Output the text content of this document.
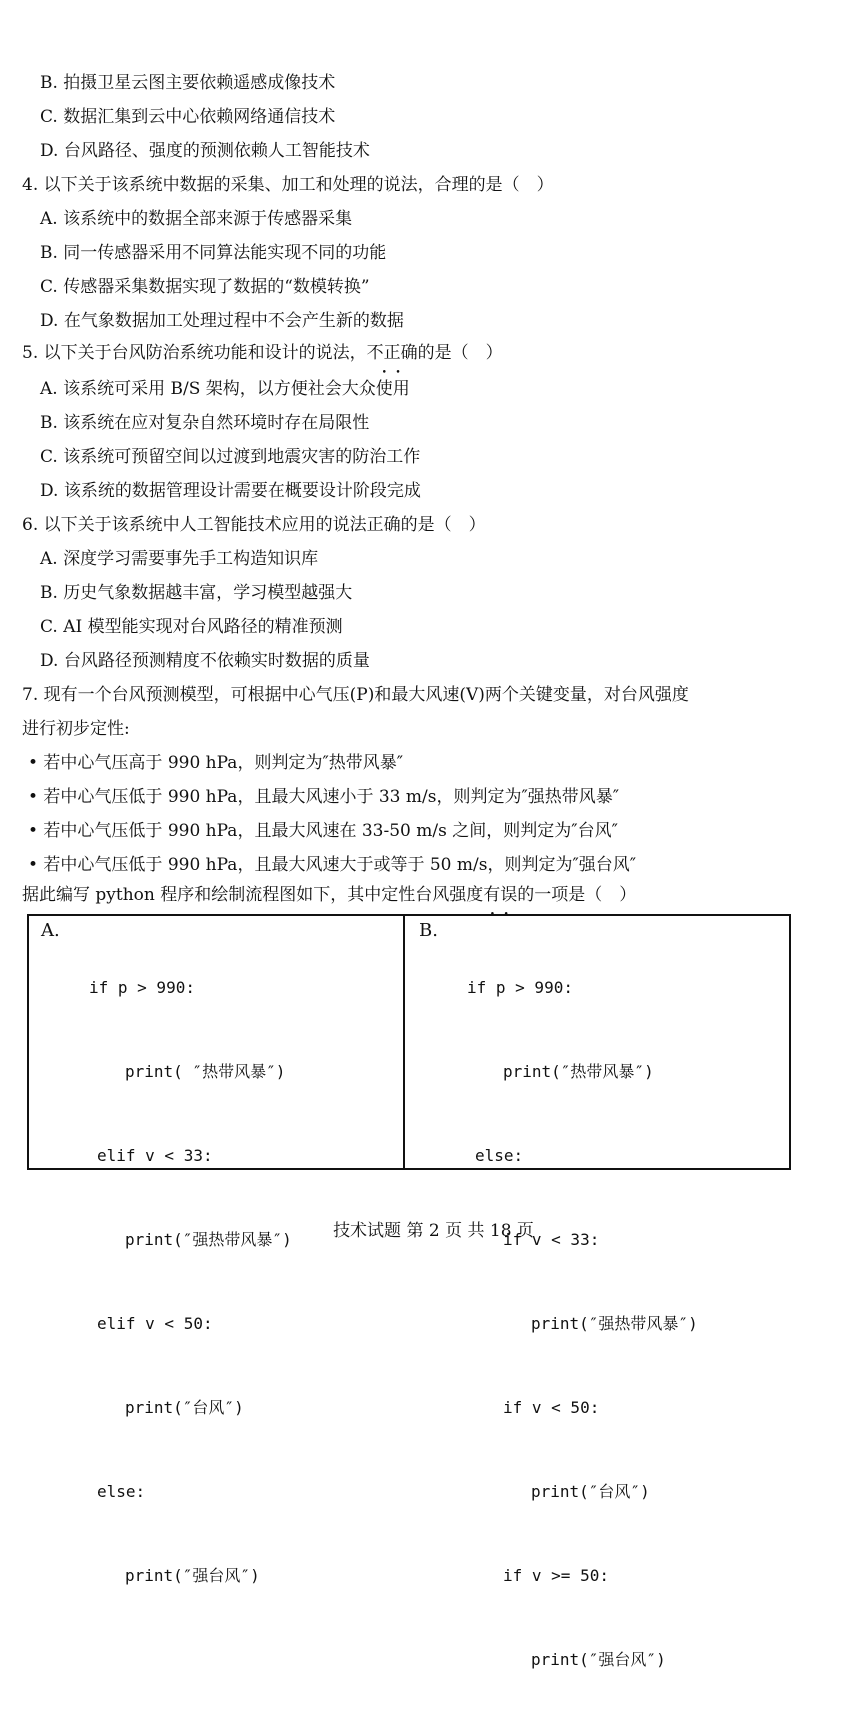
B. 拍摄卫星云图主要依赖遥感成像技术
C. 数据汇集到云中心依赖网络通信技术
D. 台风路径、强度的预测依赖人工智能技术
4. 以下关于该系统中数据的采集、加工和处理的说法，合理的是（　）
A. 该系统中的数据全部来源于传感器采集
B. 同一传感器采用不同算法能实现不同的功能
C. 传感器采集数据实现了数据的“数模转换”
D. 在气象数据加工处理过程中不会产生新的数据
5. 以下关于台风防治系统功能和设计的说法，不正确 • •的是（　）
A. 该系统可采用 B/S 架构，以方便社会大众使用
B. 该系统在应对复杂自然环境时存在局限性
C. 该系统可预留空间以过渡到地震灾害的防治工作
D. 该系统的数据管理设计需要在概要设计阶段完成
6. 以下关于该系统中人工智能技术应用的说法正确的是（　）
A. 深度学习需要事先手工构造知识库
B. 历史气象数据越丰富，学习模型越强大
C. AI 模型能实现对台风路径的精准预测
D. 台风路径预测精度不依赖实时数据的质量
7. 现有一个台风预测模型，可根据中心气压(P)和最大风速(V)两个关键变量，对台风强度
进行初步定性:
• 若中心气压高于 990 hPa，则判定为″热带风暴″
• 若中心气压低于 990 hPa，且最大风速小于 33 m/s，则判定为″强热带风暴″
• 若中心气压低于 990 hPa，且最大风速在 33-50 m/s 之间，则判定为″台风″
• 若中心气压低于 990 hPa，且最大风速大于或等于 50 m/s，则判定为″强台风″
据此编写 python 程序和绘制流程图如下，其中定性台风强度有误 • •的一项是（　）
A.

if p > 990:

print( ″热带风暴″)

elif v < 33:

print(″强热带风暴″)

elif v < 50:

print(″台风″)

else:

print(″强台风″)

B.

if p > 990:

print(″热带风暴″)

else:

if v < 33:

print(″强热带风暴″)

if v < 50:

print(″台风″)

if v >= 50:

print(″强台风″)

技术试题 第 2 页 共 18 页
